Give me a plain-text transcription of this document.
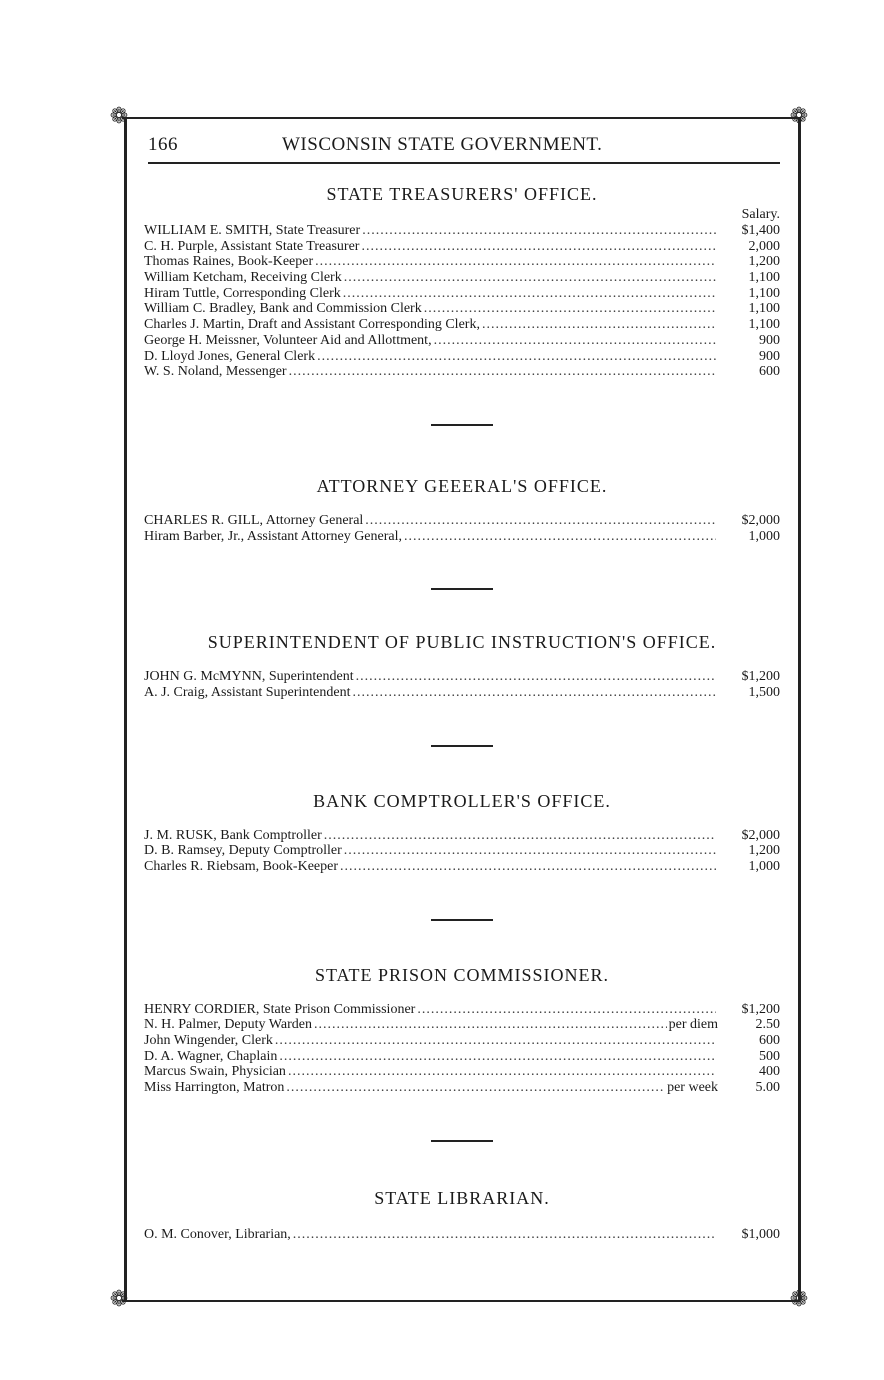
❁	❁
❁	❁
166	WISCONSIN STATE GOVERNMENT.
STATE TREASURERS' OFFICE.
Salary.
WILLIAM E. SMITH, State Treasurer .....	$1,400
C. H. Purple, Assistant State Treasurer .....	2,000
Thomas Raines, Book-Keeper .....	1,200
William Ketcham, Receiving Clerk .....	1,100
Hiram Tuttle, Corresponding Clerk .....	1,100
William C. Bradley, Bank and Commission Clerk .....	1,100
Charles J. Martin, Draft and Assistant Corresponding Clerk, .....	1,100
George H. Meissner, Volunteer Aid and Allottment, .....	900
D. Lloyd Jones, General Clerk .....	900
W. S. Noland, Messenger .....	600
ATTORNEY GEEERAL'S OFFICE.
CHARLES R. GILL, Attorney General .....	$2,000
Hiram Barber, Jr., Assistant Attorney General, .....	1,000
SUPERINTENDENT OF PUBLIC INSTRUCTION'S OFFICE.
JOHN G. McMYNN, Superintendent .....	$1,200
A. J. Craig, Assistant Superintendent .....	1,500
BANK COMPTROLLER'S OFFICE.
J. M. RUSK, Bank Comptroller .....	$2,000
D. B. Ramsey, Deputy Comptroller .....	1,200
Charles R. Riebsam, Book-Keeper .....	1,000
STATE PRISON COMMISSIONER.
HENRY CORDIER, State Prison Commissioner .....	$1,200
N. H. Palmer, Deputy Warden .....	per diem	2.50
John Wingender, Clerk .....	600
D. A. Wagner, Chaplain .....	500
Marcus Swain, Physician .....	400
Miss Harrington, Matron .....	per week	5.00
STATE LIBRARIAN.
O. M. Conover, Librarian, .....	$1,000
